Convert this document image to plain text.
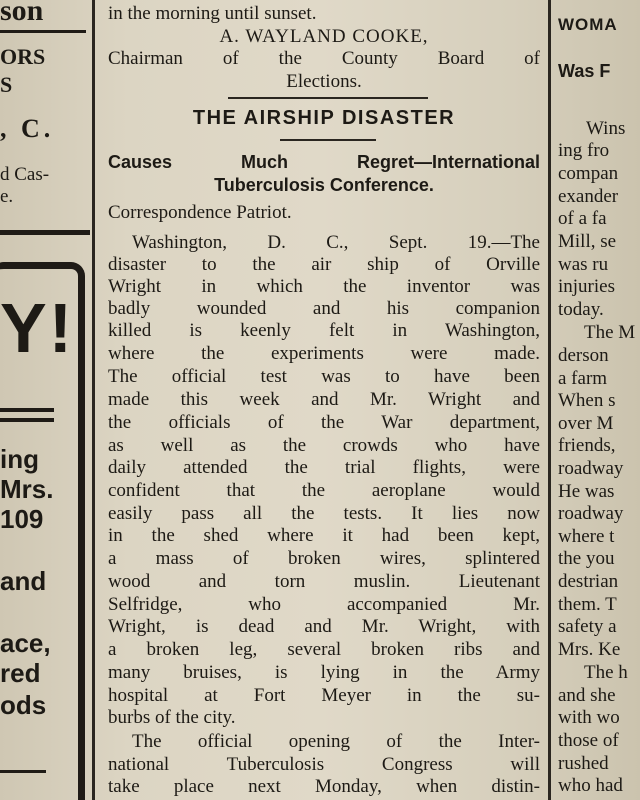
son
ORS
S
, C.
d Cas-
e.
Y!
ing
Mrs.
109
and
ace,
red
ods
in the morning until sunset.
A. WAYLAND COOKE,
Chairman of the County Board of
Elections.
THE AIRSHIP DISASTER
Causes Much Regret—International
Tuberculosis Conference.
Correspondence Patriot.
Washington, D. C., Sept. 19.—The
disaster to the air ship of Orville
Wright in which the inventor was
badly wounded and his companion
killed is keenly felt in Washington,
where the experiments were made.
The official test was to have been
made this week and Mr. Wright and
the officials of the War department,
as well as the crowds who have
daily attended the trial flights, were
confident that the aeroplane would
easily pass all the tests. It lies now
in the shed where it had been kept,
a mass of broken wires, splintered
wood and torn muslin. Lieutenant
Selfridge, who accompanied Mr.
Wright, is dead and Mr. Wright, with
a broken leg, several broken ribs and
many bruises, is lying in the Army
hospital at Fort Meyer in the su-
burbs of the city.
The official opening of the Inter-
national Tuberculosis Congress will
take place next Monday, when distin-
WOMA
Was F
Wins
ing fro
compan
exander
of a fa
Mill, se
was ru
injuries
today.
The M
derson
a farm
When s
over M
friends,
roadway
He was
roadway
where t
the you
destrian
them. T
safety a
Mrs. Ke
The h
and she
with wo
those of
rushed
who had
